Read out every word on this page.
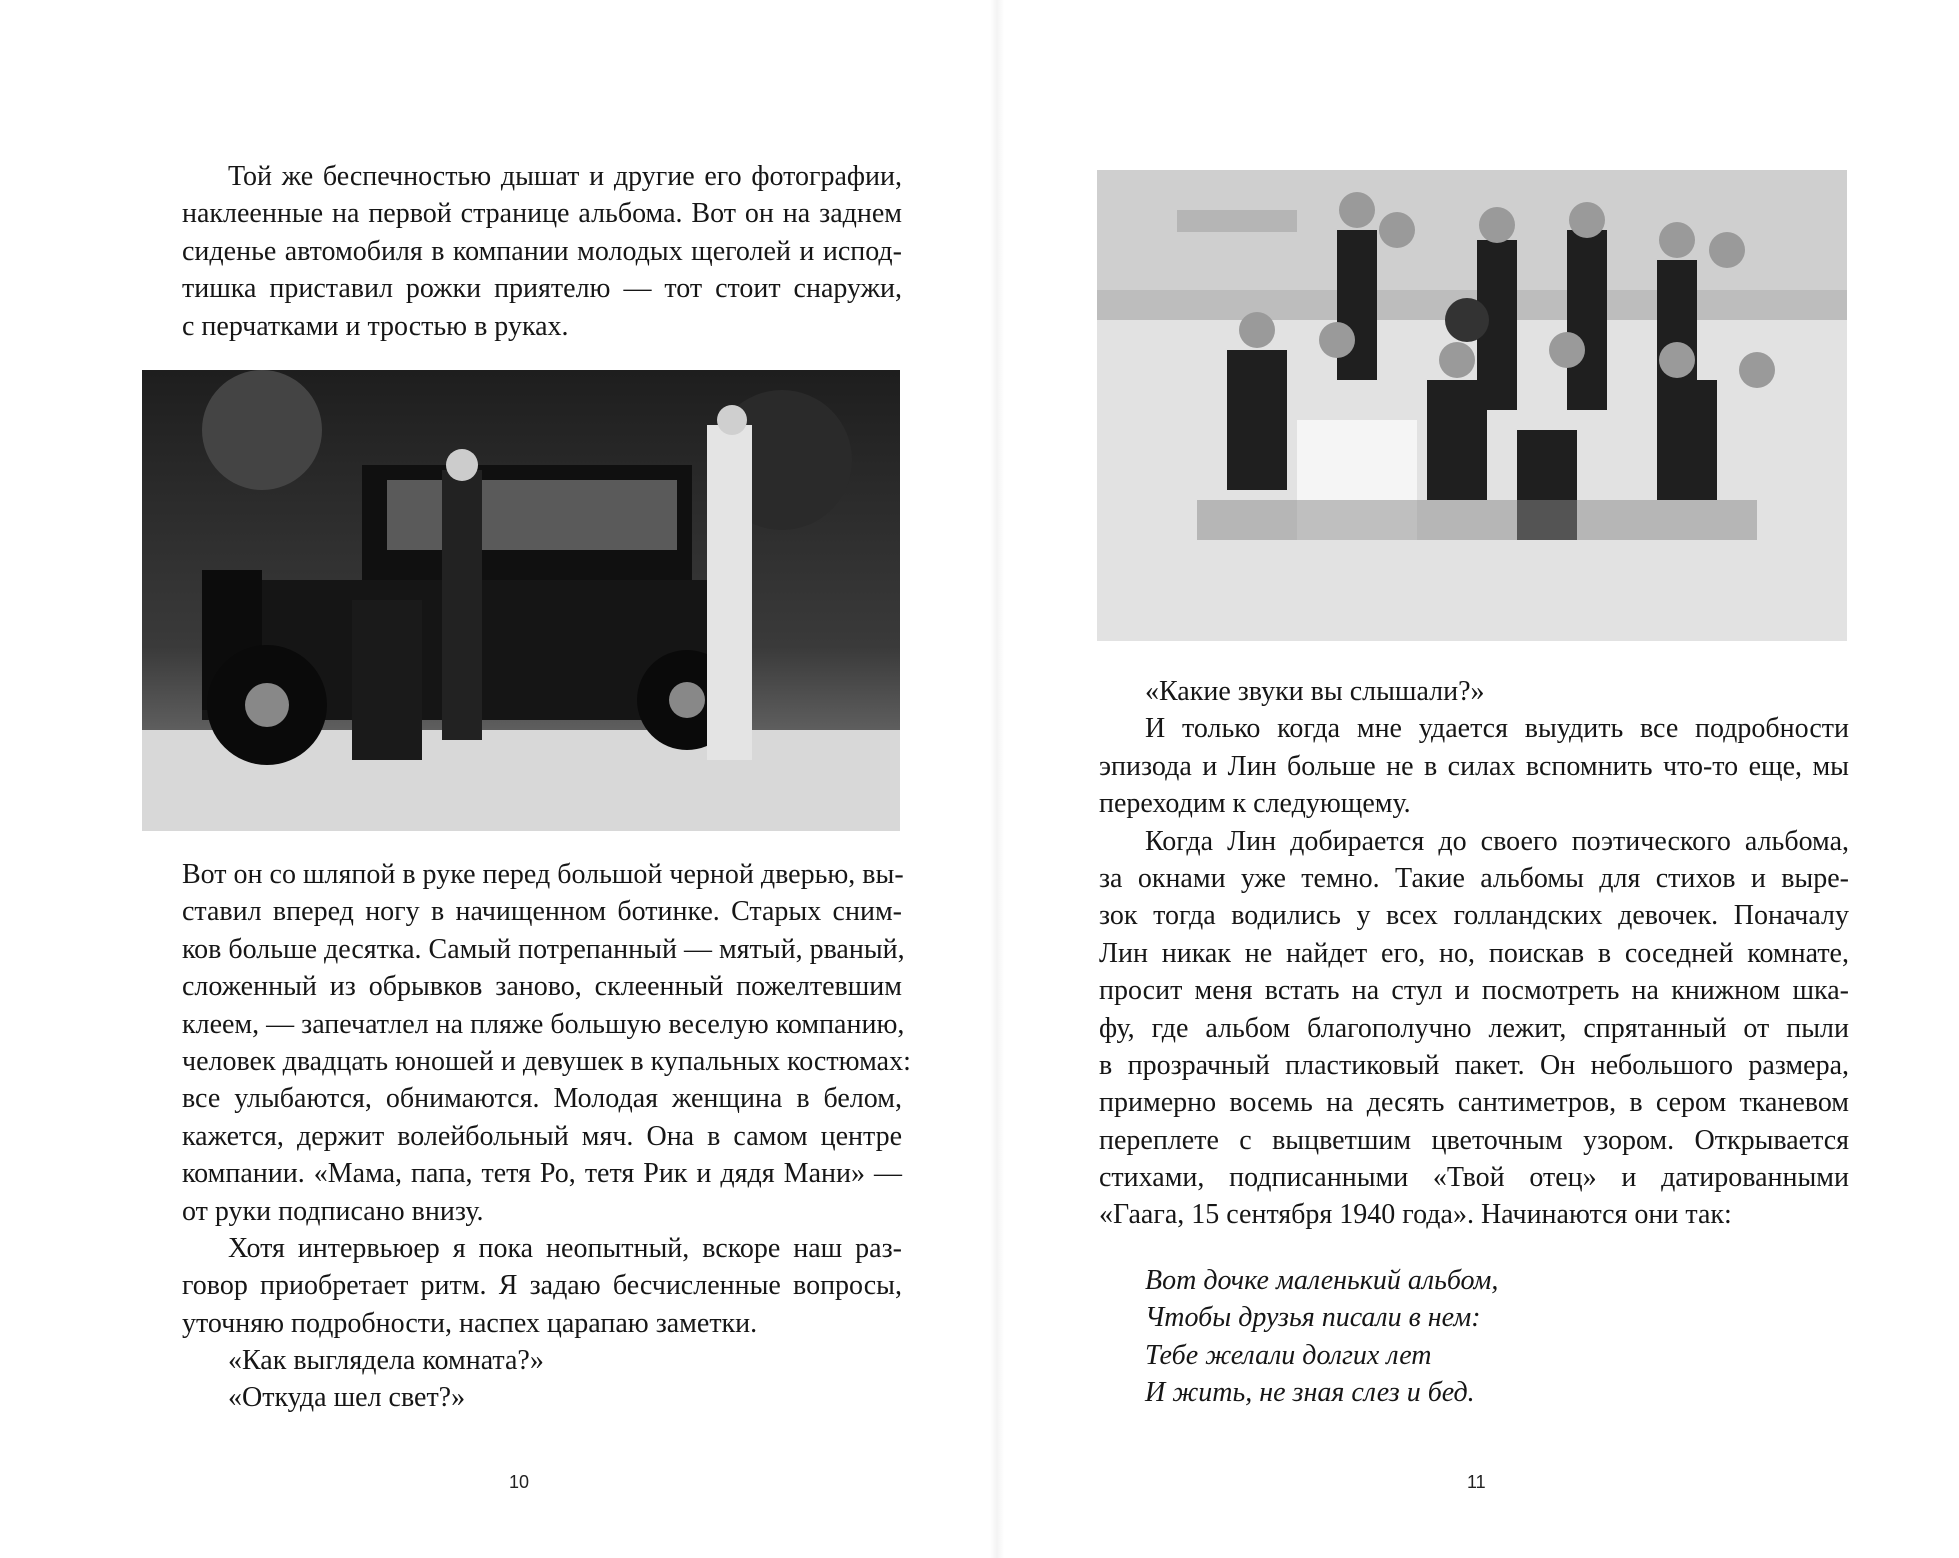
Той же беспечностью дышат и другие его фотографии,
наклеенные на первой странице альбома. Вот он на заднем
сиденье автомобиля в компании молодых щеголей и испод-
тишка приставил рожки приятелю — тот стоит снаружи,
с перчатками и тростью в руках.
Вот он со шляпой в руке перед большой черной дверью, вы-
ставил вперед ногу в начищенном ботинке. Старых сним-
ков больше десятка. Самый потрепанный — мятый, рваный,
сложенный из обрывков заново, склеенный пожелтевшим
клеем, — запечатлел на пляже большую веселую компанию,
человек двадцать юношей и девушек в купальных костюмах:
все улыбаются, обнимаются. Молодая женщина в белом,
кажется, держит волейбольный мяч. Она в самом центре
компании. «Мама, папа, тетя Ро, тетя Рик и дядя Мани» —
от руки подписано внизу.
Хотя интервьюер я пока неопытный, вскоре наш раз-
говор приобретает ритм. Я задаю бесчисленные вопросы,
уточняю подробности, наспех царапаю заметки.
«Как выглядела комната?»
«Откуда шел свет?»
10
«Какие звуки вы слышали?»
И только когда мне удается выудить все подробности
эпизода и Лин больше не в силах вспомнить что-то еще, мы
переходим к следующему.
Когда Лин добирается до своего поэтического альбома,
за окнами уже темно. Такие альбомы для стихов и выре-
зок тогда водились у всех голландских девочек. Поначалу
Лин никак не найдет его, но, поискав в соседней комнате,
просит меня встать на стул и посмотреть на книжном шка-
фу, где альбом благополучно лежит, спрятанный от пыли
в прозрачный пластиковый пакет. Он небольшого размера,
примерно восемь на десять сантиметров, в сером тканевом
переплете с выцветшим цветочным узором. Открывается
стихами, подписанными «Твой отец» и датированными
«Гаага, 15 сентября 1940 года». Начинаются они так:
Вот дочке маленький альбом,
Чтобы друзья писали в нем:
Тебе желали долгих лет
И жить, не зная слез и бед.
11
